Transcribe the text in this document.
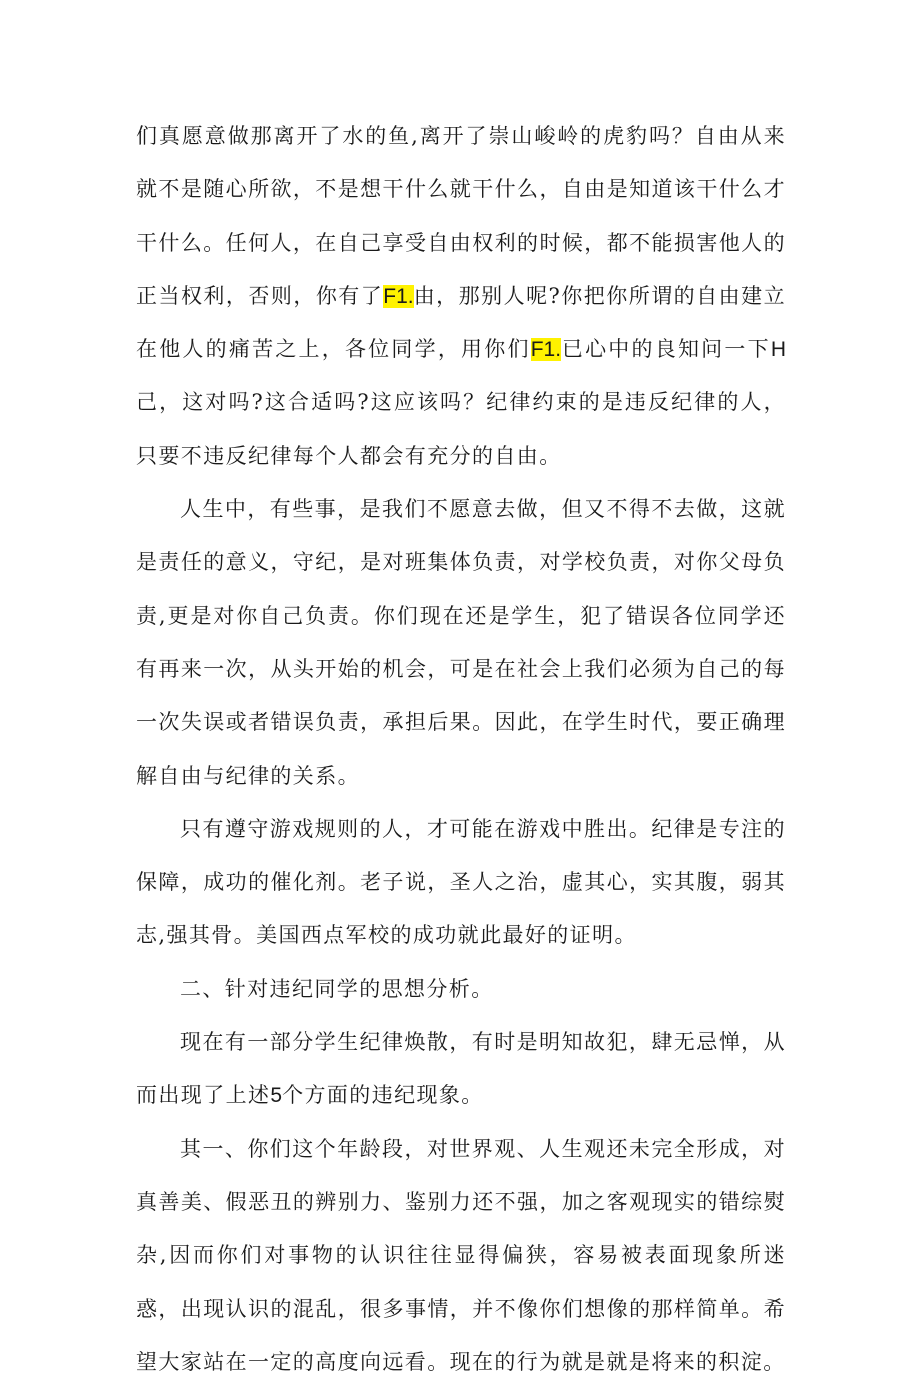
们真愿意做那离开了水的鱼,离开了崇山峻岭的虎豹吗？自由从来就不是随心所欲，不是想干什么就干什么，自由是知道该干什么才干什么。任何人，在自己享受自由权利的时候，都不能损害他人的正当权利，否则，你有了F1.由，那别人呢?你把你所谓的自由建立在他人的痛苦之上，各位同学，用你们F1.已心中的良知问一下H己，这对吗?这合适吗?这应该吗？纪律约束的是违反纪律的人，只要不违反纪律每个人都会有充分的自由。

人生中，有些事，是我们不愿意去做，但又不得不去做，这就是责任的意义，守纪，是对班集体负责，对学校负责，对你父母负责,更是对你自己负责。你们现在还是学生，犯了错误各位同学还有再来一次，从头开始的机会，可是在社会上我们必须为自己的每一次失误或者错误负责，承担后果。因此，在学生时代，要正确理解自由与纪律的关系。

只有遵守游戏规则的人，才可能在游戏中胜出。纪律是专注的保障，成功的催化剂。老子说，圣人之治，虚其心，实其腹，弱其志,强其骨。美国西点军校的成功就此最好的证明。

二、针对违纪同学的思想分析。

现在有一部分学生纪律焕散，有时是明知故犯，肆无忌惮，从而出现了上述5个方面的违纪现象。

其一、你们这个年龄段，对世界观、人生观还未完全形成，对真善美、假恶丑的辨别力、鉴别力还不强，加之客观现实的错综熨杂,因而你们对事物的认识往往显得偏狭，容易被表面现象所迷惑，出现认识的混乱，很多事情，并不像你们想像的那样简单。希望大家站在一定的高度向远看。现在的行为就是就是将来的积淀。
